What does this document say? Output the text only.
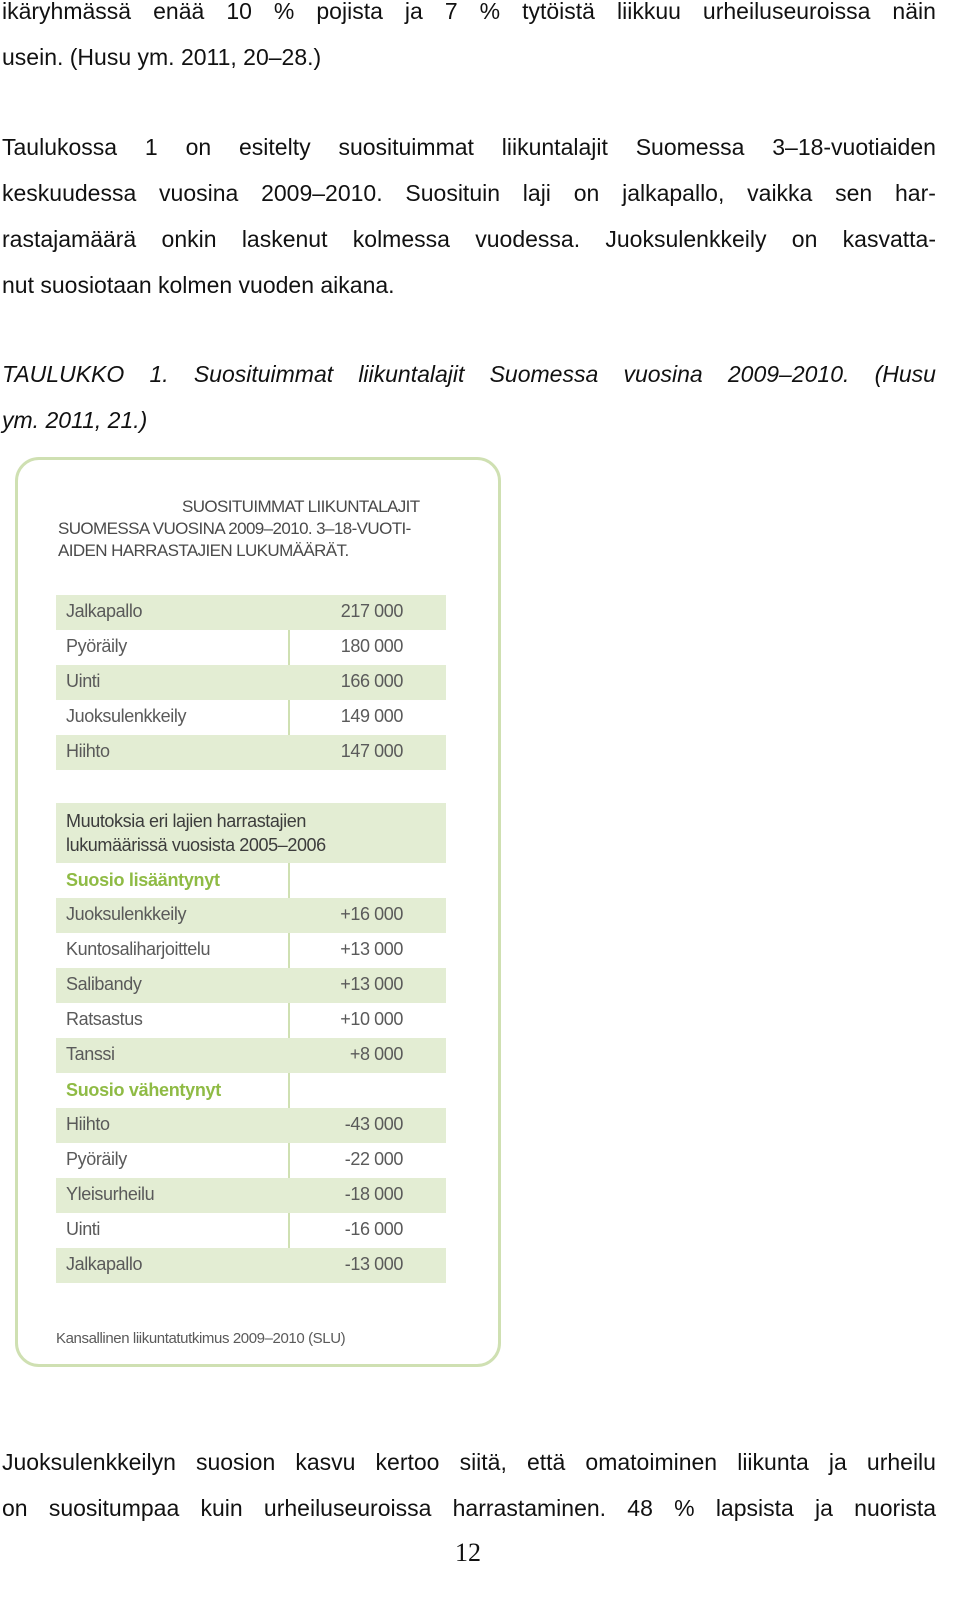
ikäryhmässä enää 10 % pojista ja 7 % tytöistä liikkuu urheiluseuroissa näin
usein. (Husu ym. 2011, 20–28.)
Taulukossa 1 on esitelty suosituimmat liikuntalajit Suomessa 3–18-vuotiaiden
keskuudessa vuosina 2009–2010. Suosituin laji on jalkapallo, vaikka sen har-
rastajamäärä onkin laskenut kolmessa vuodessa. Juoksulenkkeily on kasvatta-
nut suosiotaan kolmen vuoden aikana.
TAULUKKO 1. Suosituimmat liikuntalajit Suomessa vuosina 2009–2010. (Husu
ym. 2011, 21.)
SUOSITUIMMAT LIIKUNTALAJIT
SUOMESSA VUOSINA 2009–2010. 3–18-VUOTI-
AIDEN HARRASTAJIEN LUKUMÄÄRÄT.
Jalkapallo	217 000
Pyöräily	180 000
Uinti	166 000
Juoksulenkkeily	149 000
Hiihto	147 000
Muutoksia eri lajien harrastajien
lukumäärissä vuosista 2005–2006
Suosio lisääntynyt
Juoksulenkkeily	+16 000
Kuntosaliharjoittelu	+13 000
Salibandy	+13 000
Ratsastus	+10 000
Tanssi	+8 000
Suosio vähentynyt
Hiihto	-43 000
Pyöräily	-22 000
Yleisurheilu	-18 000
Uinti	-16 000
Jalkapallo	-13 000
Kansallinen liikuntatutkimus 2009–2010 (SLU)
Juoksulenkkeilyn suosion kasvu kertoo siitä, että omatoiminen liikunta ja urheilu
on suositumpaa kuin urheiluseuroissa harrastaminen. 48 % lapsista ja nuorista
12
